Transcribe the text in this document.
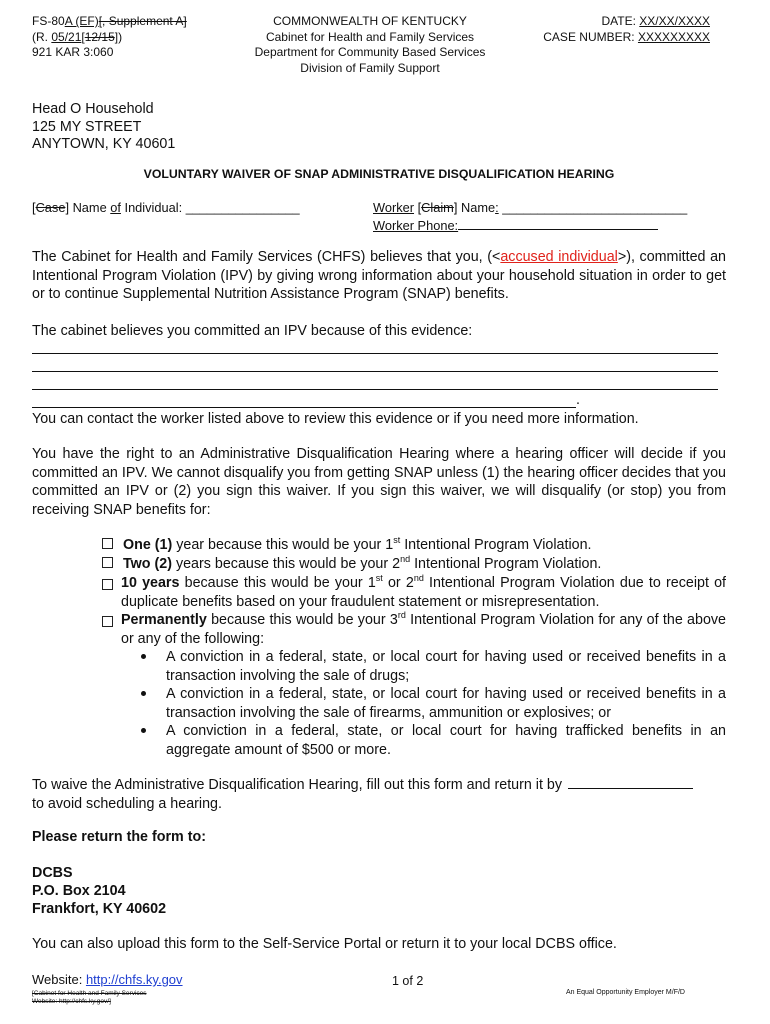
FS-80A (EF)[, Supplement A]
(R. 05/21[12/15])
921 KAR 3:060
COMMONWEALTH OF KENTUCKY
Cabinet for Health and Family Services
Department for Community Based Services
Division of Family Support
DATE: XX/XX/XXXX
CASE NUMBER: XXXXXXXXX
Head O Household
125 MY STREET
ANYTOWN, KY 40601
VOLUNTARY WAIVER OF SNAP ADMINISTRATIVE DISQUALIFICATION HEARING
[Case] Name of Individual: ________________	Worker [Claim] Name: __________________________
Worker Phone:
The Cabinet for Health and Family Services (CHFS) believes that you, (<accused individual>), committed an Intentional Program Violation (IPV) by giving wrong information about your household situation in order to get or to continue Supplemental Nutrition Assistance Program (SNAP) benefits.
The cabinet believes you committed an IPV because of this evidence:
.
You can contact the worker listed above to review this evidence or if you need more information.
You have the right to an Administrative Disqualification Hearing where a hearing officer will decide if you committed an IPV. We cannot disqualify you from getting SNAP unless (1) the hearing officer decides that you committed an IPV or (2) you sign this waiver. If you sign this waiver, we will disqualify (or stop) you from receiving SNAP benefits for:
One (1) year because this would be your 1st Intentional Program Violation.
Two (2) years because this would be your 2nd Intentional Program Violation.
10 years because this would be your 1st or 2nd Intentional Program Violation due to receipt of duplicate benefits based on your fraudulent statement or misrepresentation.
Permanently because this would be your 3rd Intentional Program Violation for any of the above or any of the following:
A conviction in a federal, state, or local court for having used or received benefits in a transaction involving the sale of drugs;
A conviction in a federal, state, or local court for having used or received benefits in a transaction involving the sale of firearms, ammunition or explosives; or
A conviction in a federal, state, or local court for having trafficked benefits in an aggregate amount of $500 or more.
To waive the Administrative Disqualification Hearing, fill out this form and return it by
to avoid scheduling a hearing.
Please return the form to:
DCBS
P.O. Box 2104
Frankfort, KY 40602
You can also upload this form to the Self-Service Portal or return it to your local DCBS office.
Website: http://chfs.ky.gov
[Cabinet for Health and Family Services
Website: http://chfs.ky.gov/]
1 of 2
An Equal Opportunity Employer M/F/D
